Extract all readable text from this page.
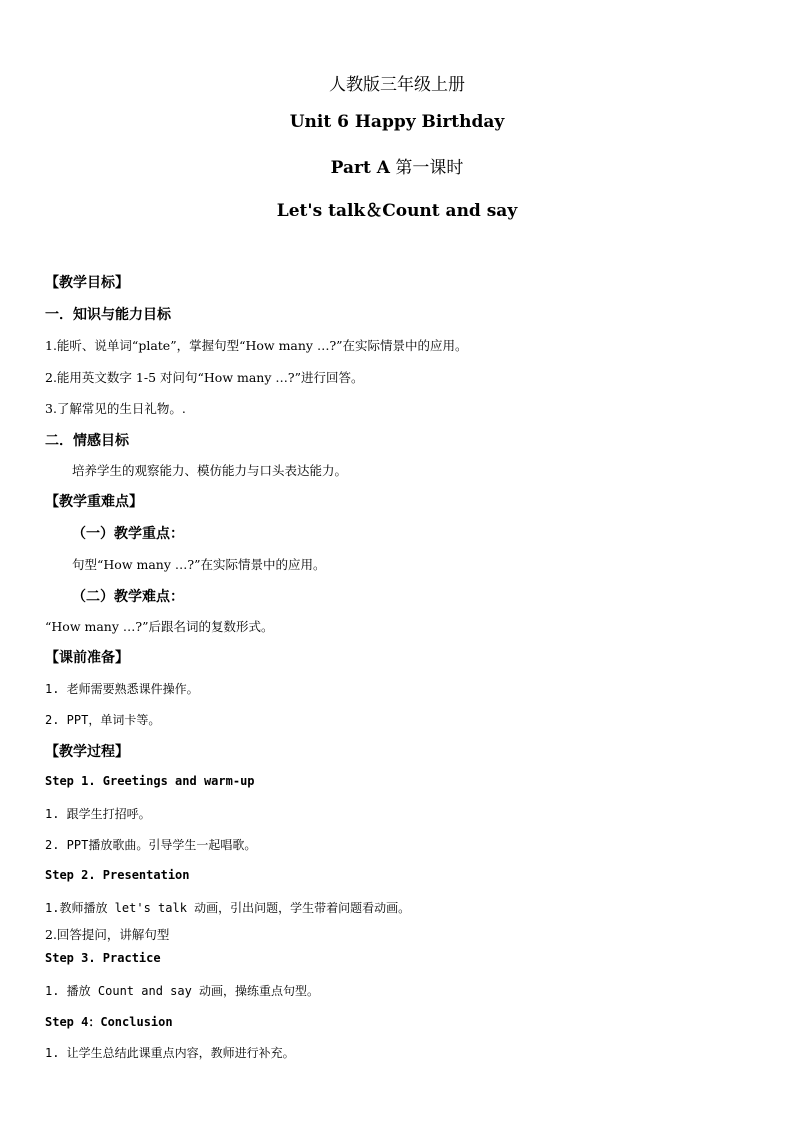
人教版三年级上册
Unit 6 Happy Birthday
Part A 第一课时
Let's talk＆Count and say
【教学目标】
一．知识与能力目标
1.能听、说单词“plate”，掌握句型“How many …?”在实际情景中的应用。
2.能用英文数字 1-5 对问句“How many …?”进行回答。
3.了解常见的生日礼物。.
二．情感目标
培养学生的观察能力、模仿能力与口头表达能力。
【教学重难点】
（一）教学重点：
句型“How many …?”在实际情景中的应用。
（二）教学难点：
“How many …?”后跟名词的复数形式。
【课前准备】
1. 老师需要熟悉课件操作。
2. PPT，单词卡等。
【教学过程】
Step 1. Greetings and warm-up
1. 跟学生打招呼。
2. PPT播放歌曲。引导学生一起唱歌。
Step 2. Presentation
1.教师播放 let's talk 动画，引出问题，学生带着问题看动画。
2.回答提问，讲解句型
Step 3. Practice
1. 播放 Count and say 动画，操练重点句型。
Step 4：Conclusion
1. 让学生总结此课重点内容，教师进行补充。
